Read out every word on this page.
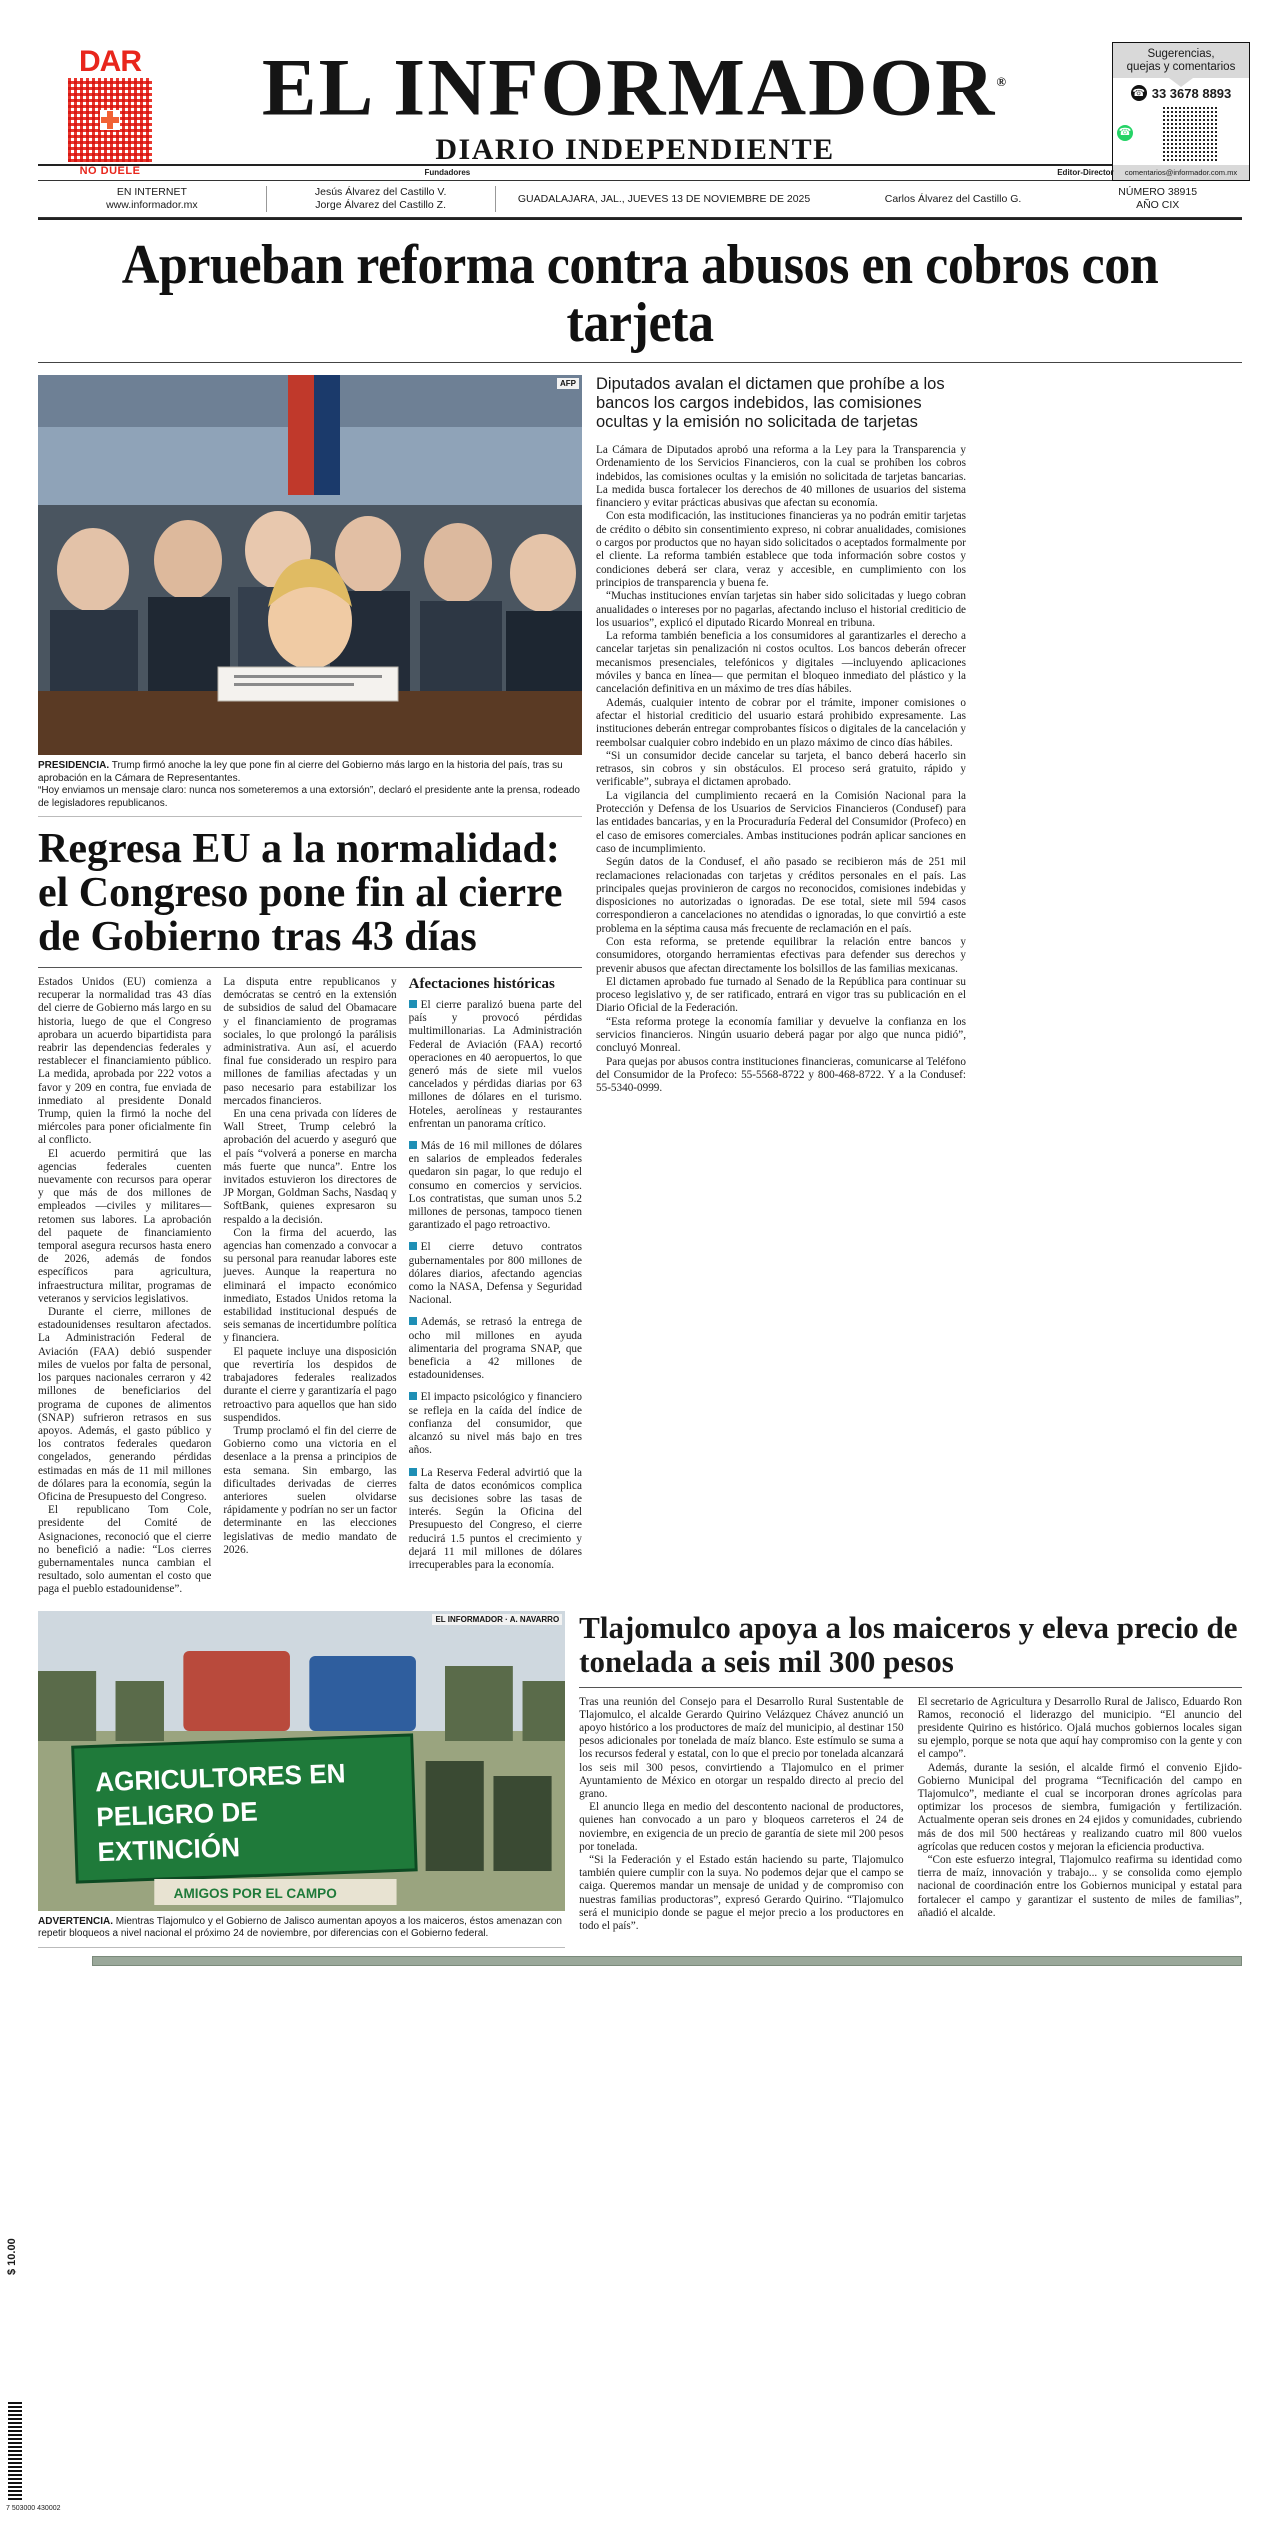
DAR
NO DUELE
EL INFORMADOR®
DIARIO INDEPENDIENTE
Sugerencias,
quejas y comentarios
☎ 33 3678 8893
☎
comentarios@informador.com.mx
Fundadores	Editor-Director
EN INTERNET
www.informador.mx
Jesús Álvarez del Castillo V.
Jorge Álvarez del Castillo Z.
GUADALAJARA, JAL., JUEVES 13 DE NOVIEMBRE DE 2025	Carlos Álvarez del Castillo G.
NÚMERO 38915
AÑO CIX
Aprueban reforma contra abusos en cobros con tarjeta
AFP
PRESIDENCIA. Trump firmó anoche la ley que pone fin al cierre del Gobierno más largo en la historia del país, tras su aprobación en la Cámara de Representantes.
“Hoy enviamos un mensaje claro: nunca nos someteremos a una extorsión”, declaró el presidente ante la prensa, rodeado de legisladores republicanos.
Regresa EU a la normalidad: el Congreso pone fin al cierre de Gobierno tras 43 días

Estados Unidos (EU) comienza a recuperar la normalidad tras 43 días del cierre de Gobierno más largo en su historia, luego de que el Congreso aprobara un acuerdo bipartidista para reabrir las dependencias federales y restablecer el financiamiento público. La medida, aprobada por 222 votos a favor y 209 en contra, fue enviada de inmediato al presidente Donald Trump, quien la firmó la noche del miércoles para poner oficialmente fin al conflicto.

El acuerdo permitirá que las agencias federales cuenten nuevamente con recursos para operar y que más de dos millones de empleados —civiles y militares— retomen sus labores. La aprobación del paquete de financiamiento temporal asegura recursos hasta enero de 2026, además de fondos específicos para agricultura, infraestructura militar, programas de veteranos y servicios legislativos.

Durante el cierre, millones de estadounidenses resultaron afectados. La Administración Federal de Aviación (FAA) debió suspender miles de vuelos por falta de personal, los parques nacionales cerraron y 42 millones de beneficiarios del programa de cupones de alimentos (SNAP) sufrieron retrasos en sus apoyos. Además, el gasto público y los contratos federales quedaron congelados, generando pérdidas estimadas en más de 11 mil millones de dólares para la economía, según la Oficina de Presupuesto del Congreso.

El republicano Tom Cole, presidente del Comité de Asignaciones, reconoció que el cierre no benefició a nadie: “Los cierres gubernamentales nunca cambian el resultado, solo aumentan el costo que paga el pueblo estadounidense”.

La disputa entre republicanos y demócratas se centró en la extensión de subsidios de salud del Obamacare y el financiamiento de programas sociales, lo que prolongó la parálisis administrativa. Aun así, el acuerdo final fue considerado un respiro para millones de familias afectadas y un paso necesario para estabilizar los mercados financieros.

En una cena privada con líderes de Wall Street, Trump celebró la aprobación del acuerdo y aseguró que el país “volverá a ponerse en marcha más fuerte que nunca”. Entre los invitados estuvieron los directores de JP Morgan, Goldman Sachs, Nasdaq y SoftBank, quienes expresaron su respaldo a la decisión.

Con la firma del acuerdo, las agencias han comenzado a convocar a su personal para reanudar labores este jueves. Aunque la reapertura no eliminará el impacto económico inmediato, Estados Unidos retoma la estabilidad institucional después de seis semanas de incertidumbre política y financiera.

El paquete incluye una disposición que revertiría los despidos de trabajadores federales realizados durante el cierre y garantizaría el pago retroactivo para aquellos que han sido suspendidos.

Trump proclamó el fin del cierre de Gobierno como una victoria en el desenlace a la prensa a principios de esta semana. Sin embargo, las dificultades derivadas de cierres anteriores suelen olvidarse rápidamente y podrían no ser un factor determinante en las elecciones legislativas de medio mandato de 2026.

Afectaciones históricas

El cierre paralizó buena parte del país y provocó pérdidas multimillonarias. La Administración Federal de Aviación (FAA) recortó operaciones en 40 aeropuertos, lo que generó más de siete mil vuelos cancelados y pérdidas diarias por 63 millones de dólares en el turismo. Hoteles, aerolíneas y restaurantes enfrentan un panorama crítico.

Más de 16 mil millones de dólares en salarios de empleados federales quedaron sin pagar, lo que redujo el consumo en comercios y servicios. Los contratistas, que suman unos 5.2 millones de personas, tampoco tienen garantizado el pago retroactivo.

El cierre detuvo contratos gubernamentales por 800 millones de dólares diarios, afectando agencias como la NASA, Defensa y Seguridad Nacional.

Además, se retrasó la entrega de ocho mil millones en ayuda alimentaria del programa SNAP, que beneficia a 42 millones de estadounidenses.

El impacto psicológico y financiero se refleja en la caída del índice de confianza del consumidor, que alcanzó su nivel más bajo en tres años.

La Reserva Federal advirtió que la falta de datos económicos complica sus decisiones sobre las tasas de interés. Según la Oficina del Presupuesto del Congreso, el cierre reducirá 1.5 puntos el crecimiento y dejará 11 mil millones de dólares irrecuperables para la economía.

Diputados avalan el dictamen que prohíbe a los bancos los cargos indebidos, las comisiones ocultas y la emisión no solicitada de tarjetas

La Cámara de Diputados aprobó una reforma a la Ley para la Transparencia y Ordenamiento de los Servicios Financieros, con la cual se prohíben los cobros indebidos, las comisiones ocultas y la emisión no solicitada de tarjetas bancarias. La medida busca fortalecer los derechos de 40 millones de usuarios del sistema financiero y evitar prácticas abusivas que afectan su economía.

Con esta modificación, las instituciones financieras ya no podrán emitir tarjetas de crédito o débito sin consentimiento expreso, ni cobrar anualidades, comisiones o cargos por productos que no hayan sido solicitados o aceptados formalmente por el cliente. La reforma también establece que toda información sobre costos y condiciones deberá ser clara, veraz y accesible, en cumplimiento con los principios de transparencia y buena fe.

“Muchas instituciones envían tarjetas sin haber sido solicitadas y luego cobran anualidades o intereses por no pagarlas, afectando incluso el historial crediticio de los usuarios”, explicó el diputado Ricardo Monreal en tribuna.

La reforma también beneficia a los consumidores al garantizarles el derecho a cancelar tarjetas sin penalización ni costos ocultos. Los bancos deberán ofrecer mecanismos presenciales, telefónicos y digitales —incluyendo aplicaciones móviles y banca en línea— que permitan el bloqueo inmediato del plástico y la cancelación definitiva en un máximo de tres días hábiles.

Además, cualquier intento de cobrar por el trámite, imponer comisiones o afectar el historial crediticio del usuario estará prohibido expresamente. Las instituciones deberán entregar comprobantes físicos o digitales de la cancelación y reembolsar cualquier cobro indebido en un plazo máximo de cinco días hábiles.

“Si un consumidor decide cancelar su tarjeta, el banco deberá hacerlo sin retrasos, sin cobros y sin obstáculos. El proceso será gratuito, rápido y verificable”, subraya el dictamen aprobado.

La vigilancia del cumplimiento recaerá en la Comisión Nacional para la Protección y Defensa de los Usuarios de Servicios Financieros (Condusef) para las entidades bancarias, y en la Procuraduría Federal del Consumidor (Profeco) en el caso de emisores comerciales. Ambas instituciones podrán aplicar sanciones en caso de incumplimiento.

Según datos de la Condusef, el año pasado se recibieron más de 251 mil reclamaciones relacionadas con tarjetas y créditos personales en el país. Las principales quejas provinieron de cargos no reconocidos, comisiones indebidas y disposiciones no autorizadas o ignoradas. De ese total, siete mil 594 casos correspondieron a cancelaciones no atendidas o ignoradas, lo que convirtió a este problema en la séptima causa más frecuente de reclamación en el país.

Con esta reforma, se pretende equilibrar la relación entre bancos y consumidores, otorgando herramientas efectivas para defender sus derechos y prevenir abusos que afectan directamente los bolsillos de las familias mexicanas.

El dictamen aprobado fue turnado al Senado de la República para continuar su proceso legislativo y, de ser ratificado, entrará en vigor tras su publicación en el Diario Oficial de la Federación.

“Esta reforma protege la economía familiar y devuelve la confianza en los servicios financieros. Ningún usuario deberá pagar por algo que nunca pidió”, concluyó Monreal.

Para quejas por abusos contra instituciones financieras, comunicarse al Teléfono del Consumidor de la Profeco: 55-5568-8722 y 800-468-8722. Y a la Condusef: 55-5340-0999.

EL INFORMADOR · A. NAVARRO
AGRICULTORES EN
PELIGRO DE
EXTINCIÓN
AMIGOS POR EL CAMPO
ADVERTENCIA. Mientras Tlajomulco y el Gobierno de Jalisco aumentan apoyos a los maiceros, éstos amenazan con repetir bloqueos a nivel nacional el próximo 24 de noviembre, por diferencias con el Gobierno federal.
Tlajomulco apoya a los maiceros y eleva precio de tonelada a seis mil 300 pesos

Tras una reunión del Consejo para el Desarrollo Rural Sustentable de Tlajomulco, el alcalde Gerardo Quirino Velázquez Chávez anunció un apoyo histórico a los productores de maíz del municipio, al destinar 150 pesos adicionales por tonelada de maíz blanco. Este estímulo se suma a los recursos federal y estatal, con lo que el precio por tonelada alcanzará los seis mil 300 pesos, convirtiendo a Tlajomulco en el primer Ayuntamiento de México en otorgar un respaldo directo al precio del grano.

El anuncio llega en medio del descontento nacional de productores, quienes han convocado a un paro y bloqueos carreteros el 24 de noviembre, en exigencia de un precio de garantía de siete mil 200 pesos por tonelada.

“Si la Federación y el Estado están haciendo su parte, Tlajomulco también quiere cumplir con la suya. No podemos dejar que el campo se caiga. Queremos mandar un mensaje de unidad y de compromiso con nuestras familias productoras”, expresó Gerardo Quirino. “Tlajomulco será el municipio donde se pague el mejor precio a los productores en todo el país”.

El secretario de Agricultura y Desarrollo Rural de Jalisco, Eduardo Ron Ramos, reconoció el liderazgo del municipio. “El anuncio del presidente Quirino es histórico. Ojalá muchos gobiernos locales sigan su ejemplo, porque se nota que aquí hay compromiso con la gente y con el campo”.

Además, durante la sesión, el alcalde firmó el convenio Ejido-Gobierno Municipal del programa “Tecnificación del campo en Tlajomulco”, mediante el cual se incorporan drones agrícolas para optimizar los procesos de siembra, fumigación y fertilización. Actualmente operan seis drones en 24 ejidos y comunidades, cubriendo más de dos mil 500 hectáreas y realizando cuatro mil 800 vuelos agrícolas que reducen costos y mejoran la eficiencia productiva.

“Con este esfuerzo integral, Tlajomulco reafirma su identidad como tierra de maíz, innovación y trabajo... y se consolida como ejemplo nacional de coordinación entre los Gobiernos municipal y estatal para fortalecer el campo y garantizar el sustento de miles de familias”, añadió el alcalde.

$ 10.00
7 503000 430002
